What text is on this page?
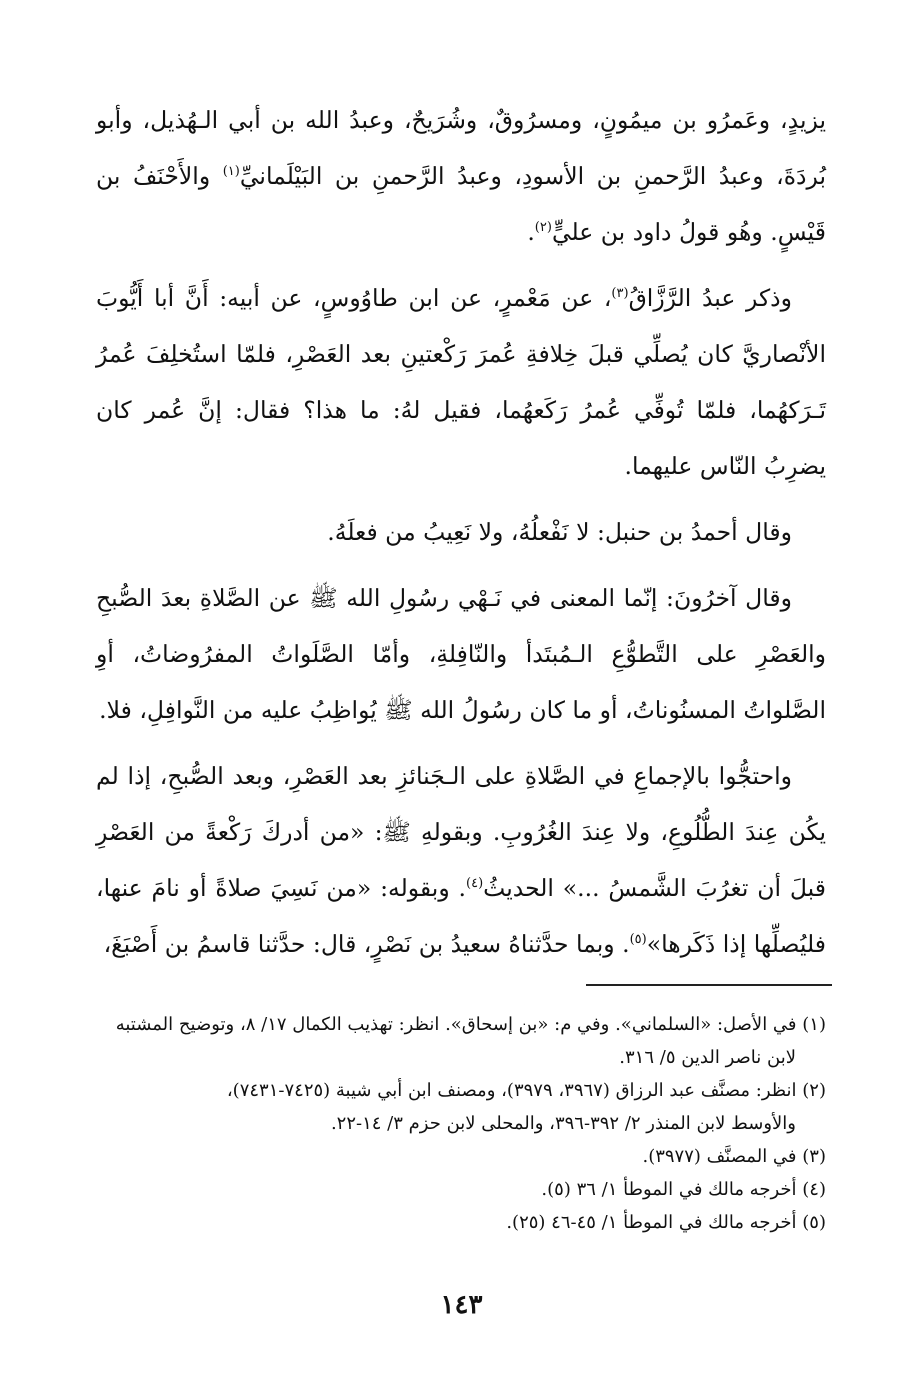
يزيدٍ، وعَمرُو بن ميمُونٍ، ومسرُوقٌ، وشُرَيحٌ، وعبدُ الله بن أبي الـهُذيل، وأبو بُردَةَ، وعبدُ الرَّحمنِ بن الأسودِ، وعبدُ الرَّحمنِ بن البَيْلَمانيِّ$^{(١)}$ والأَحْنَفُ بن قَيْسٍ. وهُو قولُ داود بن عليٍّ$^{(٢)}$.

وذكر عبدُ الرَّزَّاقُ$^{(٣)}$، عن مَعْمرٍ، عن ابن طاوُوسٍ، عن أبيه: أَنَّ أبا أَيُّوبَ الأنْصاريَّ كان يُصلِّي قبلَ خِلافةِ عُمرَ رَكْعتينِ بعد العَصْرِ، فلمّا استُخلِفَ عُمرُ تَـرَكهُما، فلمّا تُوفِّي عُمرُ رَكَعهُما، فقيل لهُ: ما هذا؟ فقال: إنَّ عُمر كان يضرِبُ النّاس عليهما.

وقال أحمدُ بن حنبل: لا نَفْعلُهُ، ولا نَعِيبُ من فعلَهُ.

وقال آخرُونَ: إنّما المعنى في نَـهْي رسُولِ الله ﷺ عن الصَّلاةِ بعدَ الصُّبحِ والعَصْرِ على التَّطوُّعِ الـمُبتَدأ والنّافِلةِ، وأمّا الصَّلَواتُ المفرُوضاتُ، أوِ الصَّلواتُ المسنُوناتُ، أو ما كان رسُولُ الله ﷺ يُواظِبُ عليه من النَّوافِلِ، فلا.

واحتجُّوا بالإجماعِ في الصَّلاةِ على الـجَنائزِ بعد العَصْرِ، وبعد الصُّبحِ، إذا لم يكُن عِندَ الطُّلُوعِ، ولا عِندَ الغُرُوبِ. وبقولهِ ﷺ: «من أدركَ رَكْعةً من العَصْرِ قبلَ أن تغرُبَ الشَّمسُ ...» الحديثُ$^{(٤)}$. وبقوله: «من نَسِيَ صلاةً أو نامَ عنها، فليُصلِّها إذا ذَكَرها»$^{(٥)}$. وبما حدَّثناهُ سعيدُ بن نَصْرٍ، قال: حدَّثنا قاسمُ بن أَصْبَغَ،

(١) في الأصل: «السلماني». وفي م: «بن إسحاق». انظر: تهذيب الكمال ١٧/ ٨، وتوضيح المشتبه

لابن ناصر الدين ٥/ ٣١٦.

(٢) انظر: مصنَّف عبد الرزاق (٣٩٦٧، ٣٩٧٩)، ومصنف ابن أبي شيبة (٧٤٢٥-٧٤٣١)،

والأوسط لابن المنذر ٢/ ٣٩٢-٣٩٦، والمحلى لابن حزم ٣/ ١٤-٢٢.

(٣) في المصنَّف (٣٩٧٧).

(٤) أخرجه مالك في الموطأ ١/ ٣٦ (٥).

(٥) أخرجه مالك في الموطأ ١/ ٤٥-٤٦ (٢٥).

١٤٣
